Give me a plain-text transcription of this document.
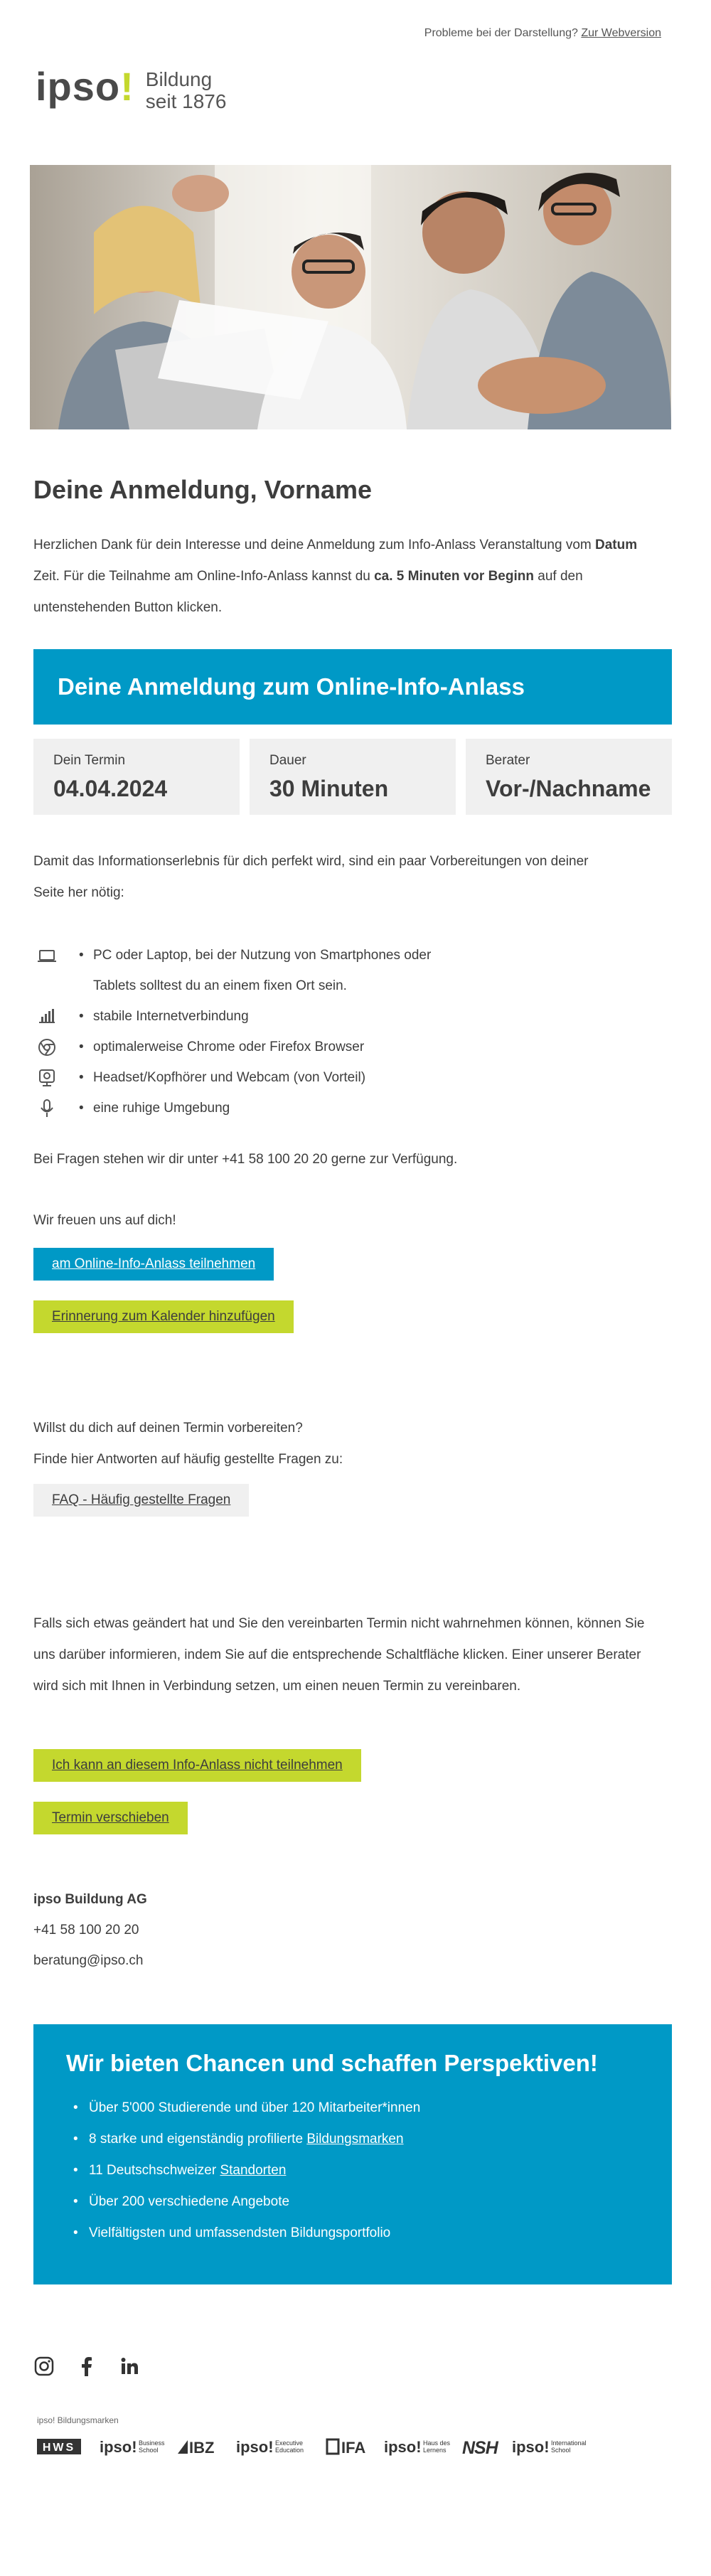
Probleme bei der Darstellung? Zur Webversion
ipso! Bildung
seit 1876
Deine Anmeldung, Vorname
Herzlichen Dank für dein Interesse und deine Anmeldung zum Info-Anlass Veranstaltung vom Datum Zeit. Für die Teilnahme am Online-Info-Anlass kannst du ca. 5 Minuten vor Beginn auf den untenstehenden Button klicken.
Deine Anmeldung zum Online-Info-Anlass
Dein Termin
04.04.2024
Dauer
30 Minuten
Berater
Vor-/Nachname
Damit das Informationserlebnis für dich perfekt wird, sind ein paar Vorbereitungen von deiner Seite her nötig:
• PC oder Laptop, bei der Nutzung von Smartphones oder
Tablets solltest du an einem fixen Ort sein.
• stabile Internetverbindung
• optimalerweise Chrome oder Firefox Browser
• Headset/Kopfhörer und Webcam (von Vorteil)
• eine ruhige Umgebung
Bei Fragen stehen wir dir unter +41 58 100 20 20 gerne zur Verfügung.
Wir freuen uns auf dich!
am Online-Info-Anlass teilnehmen
Erinnerung zum Kalender hinzufügen
Willst du dich auf deinen Termin vorbereiten?
Finde hier Antworten auf häufig gestellte Fragen zu:
FAQ - Häufig gestellte Fragen
Falls sich etwas geändert hat und Sie den vereinbarten Termin nicht wahrnehmen können, können Sie uns darüber informieren, indem Sie auf die entsprechende Schaltfläche klicken. Einer unserer Berater wird sich mit Ihnen in Verbindung setzen, um einen neuen Termin zu vereinbaren.
Ich kann an diesem Info-Anlass nicht teilnehmen
Termin verschieben
ipso Buildung AG
+41 58 100 20 20
beratung@ipso.ch
Wir bieten Chancen und schaffen Perspektiven!
• Über 5'000 Studierende und über 120 Mitarbeiter*innen
• 8 starke und eigenständig profilierte Bildungsmarken
• 11 Deutschschweizer Standorten
• Über 200 verschiedene Angebote
• Vielfältigsten und umfassendsten Bildungsportfolio
ipso! Bildungsmarken
HWS ipso! Business
School IBZ ipso! Executive
Education IFA ipso! Haus des
Lernens NSH ipso! International
School
